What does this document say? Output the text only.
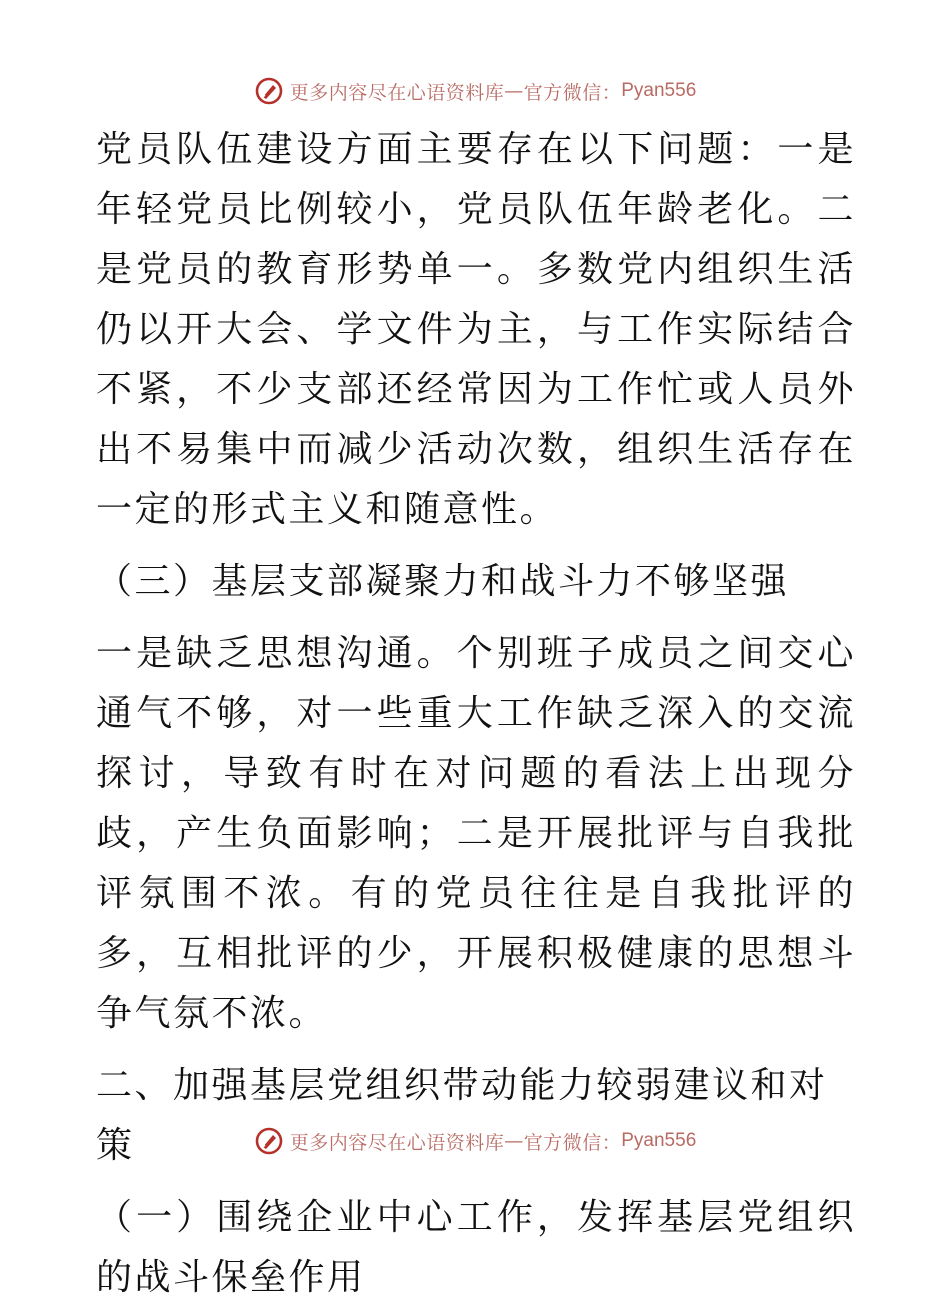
更多内容尽在心语资料库 — 官方微信： Pyan556

党员队伍建设方面主要存在以下问题：一是年轻党员比例较小，党员队伍年龄老化。二是党员的教育形势单一。多数党内组织生活仍以开大会、学文件为主，与工作实际结合不紧，不少支部还经常因为工作忙或人员外出不易集中而减少活动次数，组织生活存在一定的形式主义和随意性。

（三）基层支部凝聚力和战斗力不够坚强

一是缺乏思想沟通。个别班子成员之间交心通气不够，对一些重大工作缺乏深入的交流探讨，导致有时在对问题的看法上出现分歧，产生负面影响；二是开展批评与自我批评氛围不浓。有的党员往往是自我批评的多，互相批评的少，开展积极健康的思想斗争气氛不浓。

二、加强基层党组织带动能力较弱建议和对策

（一）围绕企业中心工作，发挥基层党组织的战斗保垒作用

更多内容尽在心语资料库 — 官方微信： Pyan556
